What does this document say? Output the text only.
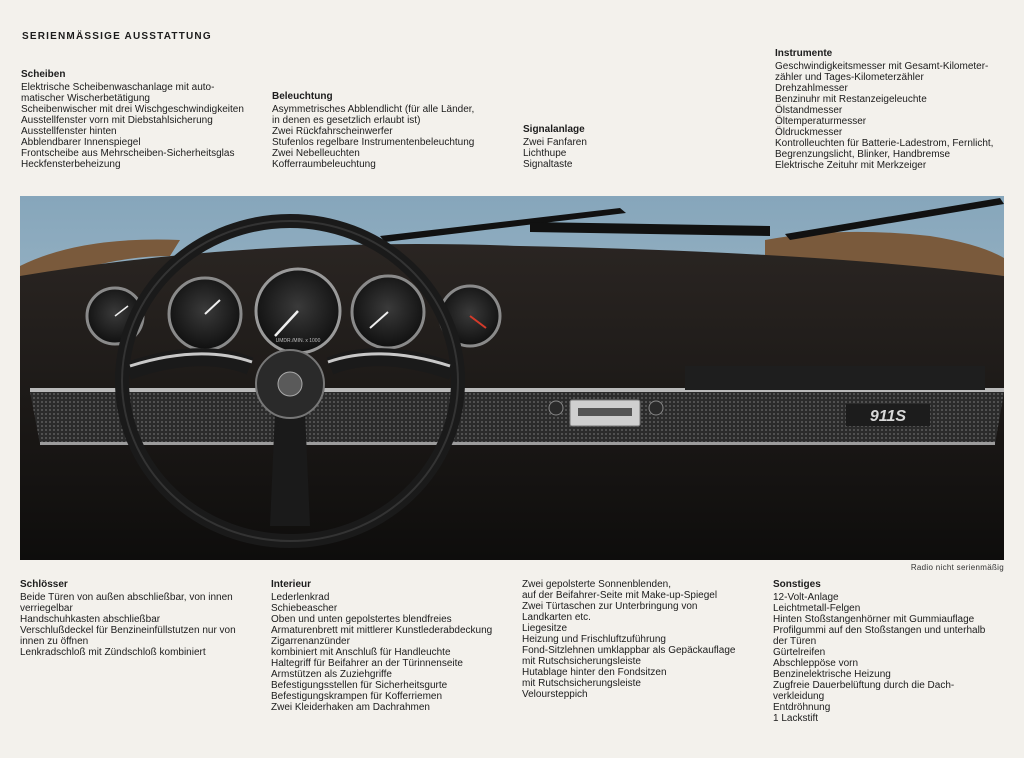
SERIENMÄSSIGE AUSSTATTUNG
Scheiben
Elektrische Scheibenwaschanlage mit auto-
matischer Wischerbetätigung
Scheibenwischer mit drei Wischgeschwindigkeiten
Ausstellfenster vorn mit Diebstahlsicherung
Ausstellfenster hinten
Abblendbarer Innenspiegel
Frontscheibe aus Mehrscheiben-Sicherheitsglas
Heckfensterbeheizung
Beleuchtung
Asymmetrisches Abblendlicht (für alle Länder,
in denen es gesetzlich erlaubt ist)
Zwei Rückfahrscheinwerfer
Stufenlos regelbare Instrumentenbeleuchtung
Zwei Nebelleuchten
Kofferraumbeleuchtung
Signalanlage
Zwei Fanfaren
Lichthupe
Signaltaste
Instrumente
Geschwindigkeitsmesser mit Gesamt-Kilometer-
zähler und Tages-Kilometerzähler
Drehzahlmesser
Benzinuhr mit Restanzeigeleuchte
Ölstandmesser
Öltemperaturmesser
Öldruckmesser
Kontrolleuchten für Batterie-Ladestrom, Fernlicht,
Begrenzungslicht, Blinker, Handbremse
Elektrische Zeituhr mit Merkzeiger
UMDR./MIN. x 1000
911S
Radio nicht serienmäßig
Schlösser
Beide Türen von außen abschließbar, von innen
verriegelbar
Handschuhkasten abschließbar
Verschlußdeckel für Benzineinfüllstutzen nur von
innen zu öffnen
Lenkradschloß mit Zündschloß kombiniert
Interieur
Lederlenkrad
Schiebeascher
Oben und unten gepolstertes blendfreies
Armaturenbrett mit mittlerer Kunstlederabdeckung
Zigarrenanzünder
kombiniert mit Anschluß für Handleuchte
Haltegriff für Beifahrer an der Türinnenseite
Armstützen als Zuziehgriffe
Befestigungsstellen für Sicherheitsgurte
Befestigungskrampen für Kofferriemen
Zwei Kleiderhaken am Dachrahmen
Zwei gepolsterte Sonnenblenden,
auf der Beifahrer-Seite mit Make-up-Spiegel
Zwei Türtaschen zur Unterbringung von
Landkarten etc.
Liegesitze
Heizung und Frischluftzuführung
Fond-Sitzlehnen umklappbar als Gepäckauflage
mit Rutschsicherungsleiste
Hutablage hinter den Fondsitzen
mit Rutschsicherungsleiste
Veloursteppich
Sonstiges
12-Volt-Anlage
Leichtmetall-Felgen
Hinten Stoßstangenhörner mit Gummiauflage
Profilgummi auf den Stoßstangen und unterhalb
der Türen
Gürtelreifen
Abschleppöse vorn
Benzinelektrische Heizung
Zugfreie Dauerbelüftung durch die Dach-
verkleidung
Entdröhnung
1 Lackstift
